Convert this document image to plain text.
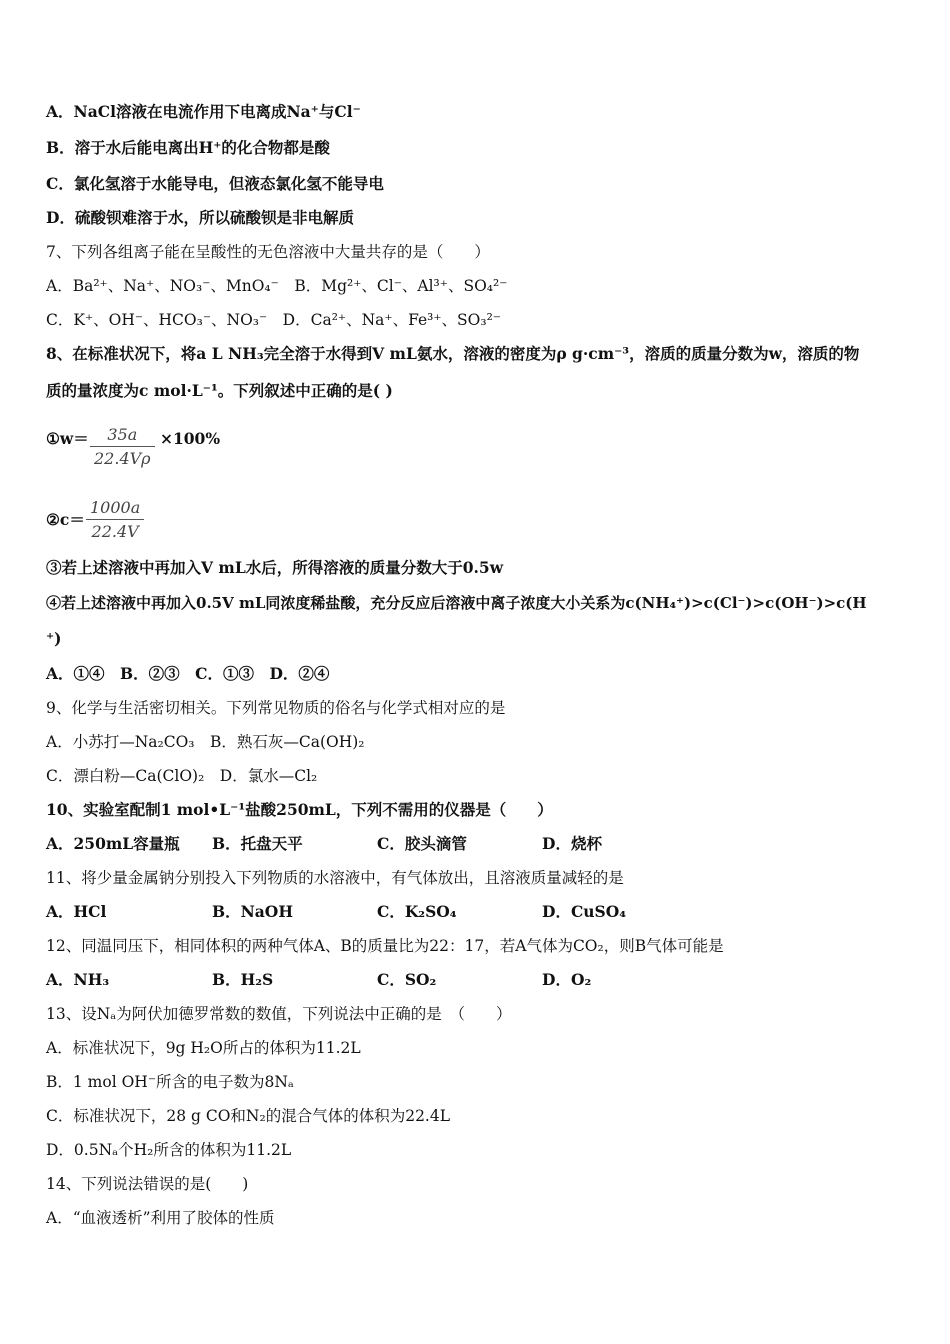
A．NaCl溶液在电流作用下电离成Na⁺与Cl⁻
B．溶于水后能电离出H⁺的化合物都是酸
C．氯化氢溶于水能导电，但液态氯化氢不能导电
D．硫酸钡难溶于水，所以硫酸钡是非电解质
7、下列各组离子能在呈酸性的无色溶液中大量共存的是（　　）
A．Ba²⁺、Na⁺、NO₃⁻、MnO₄⁻　B．Mg²⁺、Cl⁻、Al³⁺、SO₄²⁻
C．K⁺、OH⁻、HCO₃⁻、NO₃⁻　D．Ca²⁺、Na⁺、Fe³⁺、SO₃²⁻
8、在标准状况下，将a L NH₃完全溶于水得到V mL氨水，溶液的密度为ρ g·cm⁻³，溶质的质量分数为w，溶质的物
质的量浓度为c mol·L⁻¹。下列叙述中正确的是( )
①w＝	35a
22.4Vρ
×100%
②c＝
1000a
22.4V
③若上述溶液中再加入V mL水后，所得溶液的质量分数大于0.5w
④若上述溶液中再加入0.5V mL同浓度稀盐酸，充分反应后溶液中离子浓度大小关系为c(NH₄⁺)>c(Cl⁻)>c(OH⁻)>c(H
⁺)
A．①④　B．②③　C．①③　D．②④
9、化学与生活密切相关。下列常见物质的俗名与化学式相对应的是
A．小苏打—Na₂CO₃　B．熟石灰—Ca(OH)₂
C．漂白粉—Ca(ClO)₂　D．氯水—Cl₂
10、实验室配制1 mol•L⁻¹盐酸250mL，下列不需用的仪器是（　　）
A．250mL容量瓶 B．托盘天平	C．胶头滴管	D．烧杯
11、将少量金属钠分别投入下列物质的水溶液中，有气体放出，且溶液质量减轻的是
A．HCl	B．NaOH	C．K₂SO₄	D．CuSO₄
12、同温同压下，相同体积的两种气体A、B的质量比为22：17，若A气体为CO₂，则B气体可能是
A．NH₃	B．H₂S	C．SO₂	D．O₂
13、设Nₐ为阿伏加德罗常数的数值，下列说法中正确的是　（　　）
A．标准状况下，9g H₂O所占的体积为11.2L
B．1 mol OH⁻所含的电子数为8Nₐ
C．标准状况下，28 g CO和N₂的混合气体的体积为22.4L
D．0.5Nₐ个H₂所含的体积为11.2L
14、下列说法错误的是(　　)
A．“血液透析”利用了胶体的性质
